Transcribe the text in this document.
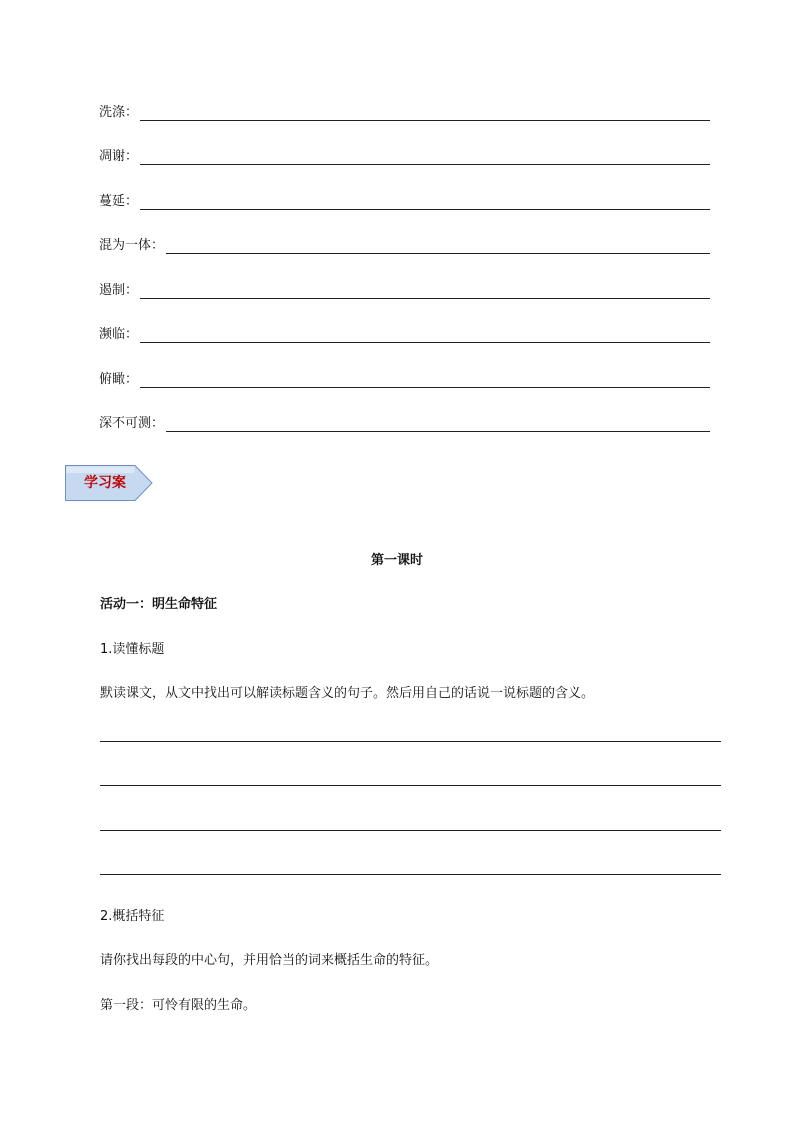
洗涤：
凋谢：
蔓延：
混为一体：
遏制：
濒临：
俯瞰：
深不可测：
学习案
第一课时
活动一：明生命特征
1.读懂标题
默读课文，从文中找出可以解读标题含义的句子。然后用自己的话说一说标题的含义。
2.概括特征
请你找出每段的中心句，并用恰当的词来概括生命的特征。
第一段：可怜有限的生命。
